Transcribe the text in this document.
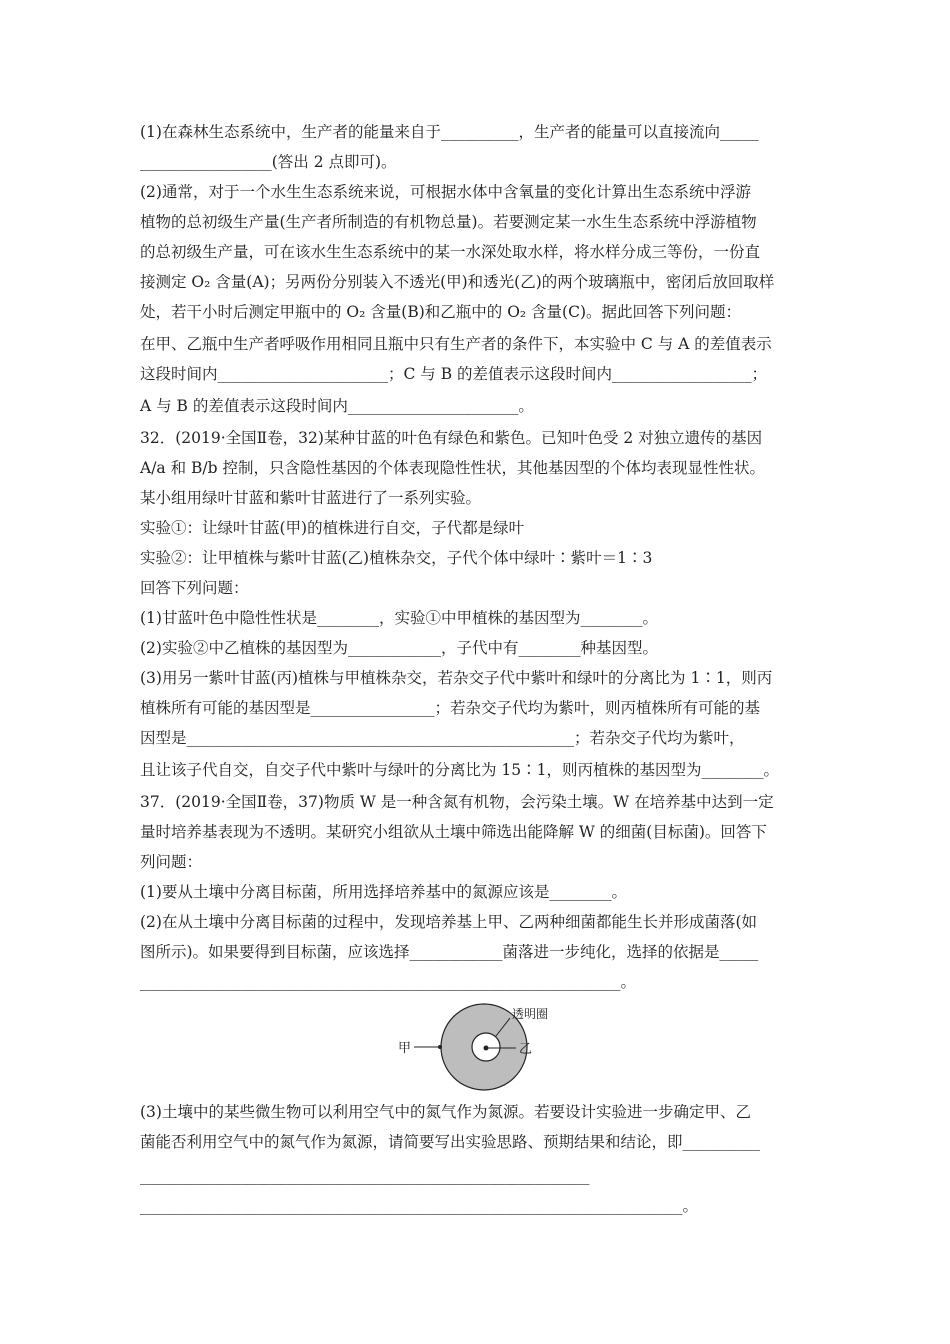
(1)在森林生态系统中，生产者的能量来自于__________，生产者的能量可以直接流向_____
_________________(答出 2 点即可)。
(2)通常，对于一个水生生态系统来说，可根据水体中含氧量的变化计算出生态系统中浮游
植物的总初级生产量(生产者所制造的有机物总量)。若要测定某一水生生态系统中浮游植物
的总初级生产量，可在该水生生态系统中的某一水深处取水样，将水样分成三等份，一份直
接测定 O₂ 含量(A)；另两份分别装入不透光(甲)和透光(乙)的两个玻璃瓶中，密闭后放回取样
处，若干小时后测定甲瓶中的 O₂ 含量(B)和乙瓶中的 O₂ 含量(C)。据此回答下列问题：
在甲、乙瓶中生产者呼吸作用相同且瓶中只有生产者的条件下，本实验中 C 与 A 的差值表示
这段时间内______________________；C 与 B 的差值表示这段时间内__________________；
A 与 B 的差值表示这段时间内______________________。
32．(2019·全国Ⅱ卷，32)某种甘蓝的叶色有绿色和紫色。已知叶色受 2 对独立遗传的基因
A/a 和 B/b 控制，只含隐性基因的个体表现隐性性状，其他基因型的个体均表现显性性状。
某小组用绿叶甘蓝和紫叶甘蓝进行了一系列实验。
实验①：让绿叶甘蓝(甲)的植株进行自交，子代都是绿叶
实验②：让甲植株与紫叶甘蓝(乙)植株杂交，子代个体中绿叶∶紫叶＝1∶3
回答下列问题：
(1)甘蓝叶色中隐性性状是________，实验①中甲植株的基因型为________。
(2)实验②中乙植株的基因型为____________，子代中有________种基因型。
(3)用另一紫叶甘蓝(丙)植株与甲植株杂交，若杂交子代中紫叶和绿叶的分离比为 1∶1，则丙
植株所有可能的基因型是________________；若杂交子代均为紫叶，则丙植株所有可能的基
因型是__________________________________________________；若杂交子代均为紫叶，
且让该子代自交，自交子代中紫叶与绿叶的分离比为 15∶1，则丙植株的基因型为________。
37．(2019·全国Ⅱ卷，37)物质 W 是一种含氮有机物，会污染土壤。W 在培养基中达到一定
量时培养基表现为不透明。某研究小组欲从土壤中筛选出能降解 W 的细菌(目标菌)。回答下
列问题：
(1)要从土壤中分离目标菌，所用选择培养基中的氮源应该是________。
(2)在从土壤中分离目标菌的过程中，发现培养基上甲、乙两种细菌都能生长并形成菌落(如
图所示)。如果要得到目标菌，应该选择____________菌落进一步纯化，选择的依据是_____
______________________________________________________________。
(3)土壤中的某些微生物可以利用空气中的氮气作为氮源。若要设计实验进一步确定甲、乙
菌能否利用空气中的氮气作为氮源，请简要写出实验思路、预期结果和结论，即__________
__________________________________________________________
______________________________________________________________________。
甲	乙
透明圈
